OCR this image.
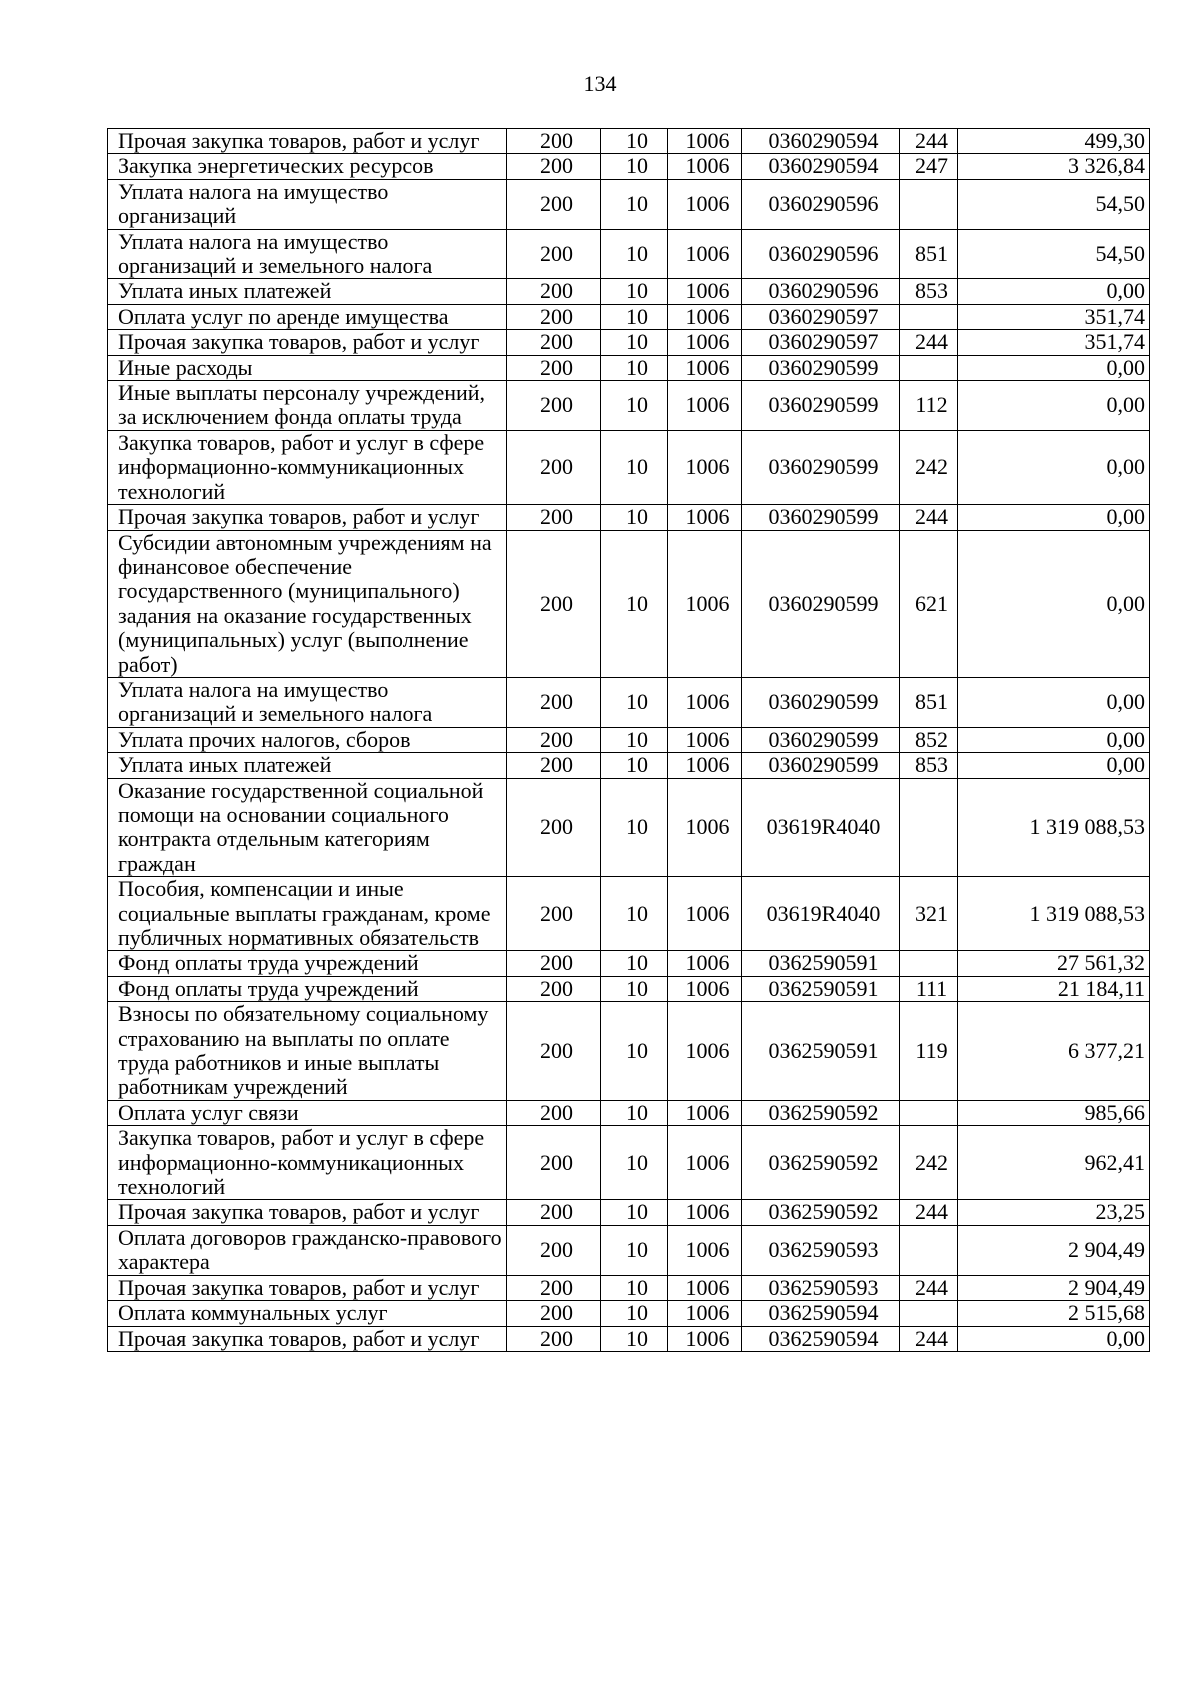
134
Прочая закупка товаров, работ и услуг	200	10	1006	0360290594	244	499,30
Закупка энергетических ресурсов	200	10	1006	0360290594	247	3 326,84
Уплата налога на имущество организаций	200	10	1006	0360290596		54,50
Уплата налога на имущество организаций и земельного налога	200	10	1006	0360290596	851	54,50
Уплата иных платежей	200	10	1006	0360290596	853	0,00
Оплата услуг по аренде имущества	200	10	1006	0360290597		351,74
Прочая закупка товаров, работ и услуг	200	10	1006	0360290597	244	351,74
Иные расходы	200	10	1006	0360290599		0,00
Иные выплаты персоналу учреждений, за исключением фонда оплаты труда	200	10	1006	0360290599	112	0,00
Закупка товаров, работ и услуг в сфере информационно-коммуникационных технологий	200	10	1006	0360290599	242	0,00
Прочая закупка товаров, работ и услуг	200	10	1006	0360290599	244	0,00
Субсидии автономным учреждениям на финансовое обеспечение государственного (муниципального) задания на оказание государственных (муниципальных) услуг (выполнение работ)	200	10	1006	0360290599	621	0,00
Уплата налога на имущество организаций и земельного налога	200	10	1006	0360290599	851	0,00
Уплата прочих налогов, сборов	200	10	1006	0360290599	852	0,00
Уплата иных платежей	200	10	1006	0360290599	853	0,00
Оказание государственной социальной помощи на основании социального контракта отдельным категориям граждан	200	10	1006	03619R4040		1 319 088,53
Пособия, компенсации и иные социальные выплаты гражданам, кроме публичных нормативных обязательств	200	10	1006	03619R4040	321	1 319 088,53
Фонд оплаты труда учреждений	200	10	1006	0362590591		27 561,32
Фонд оплаты труда учреждений	200	10	1006	0362590591	111	21 184,11
Взносы по обязательному социальному страхованию на выплаты по оплате труда работников и иные выплаты работникам учреждений	200	10	1006	0362590591	119	6 377,21
Оплата услуг связи	200	10	1006	0362590592		985,66
Закупка товаров, работ и услуг в сфере информационно-коммуникационных технологий	200	10	1006	0362590592	242	962,41
Прочая закупка товаров, работ и услуг	200	10	1006	0362590592	244	23,25
Оплата договоров гражданско-правового характера	200	10	1006	0362590593		2 904,49
Прочая закупка товаров, работ и услуг	200	10	1006	0362590593	244	2 904,49
Оплата коммунальных услуг	200	10	1006	0362590594		2 515,68
Прочая закупка товаров, работ и услуг	200	10	1006	0362590594	244	0,00
